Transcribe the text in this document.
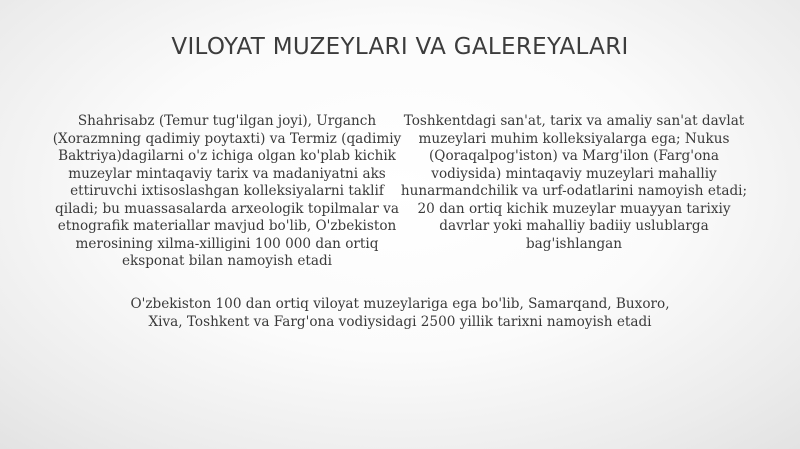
VILOYAT MUZEYLARI VA GALEREYALARI

Shahrisabz (Temur tug'ilgan joyi), Urganch (Xorazmning qadimiy poytaxti) va Termiz (qadimiy Baktriya)dagilarni o'z ichiga olgan ko'plab kichik muzeylar mintaqaviy tarix va madaniyatni aks ettiruvchi ixtisoslashgan kolleksiyalarni taklif qiladi; bu muassasalarda arxeologik topilmalar va etnografik materiallar mavjud bo'lib, O'zbekiston merosining xilma-xilligini 100 000 dan ortiq eksponat bilan namoyish etadi

Toshkentdagi san'at, tarix va amaliy san'at davlat muzeylari muhim kolleksiyalarga ega; Nukus (Qoraqalpog'iston) va Marg'ilon (Farg'ona vodiysida) mintaqaviy muzeylari mahalliy hunarmandchilik va urf-odatlarini namoyish etadi; 20 dan ortiq kichik muzeylar muayyan tarixiy davrlar yoki mahalliy badiiy uslublarga bag'ishlangan

O'zbekiston 100 dan ortiq viloyat muzeylariga ega bo'lib, Samarqand, Buxoro, Xiva, Toshkent va Farg'ona vodiysidagi 2500 yillik tarixni namoyish etadi
